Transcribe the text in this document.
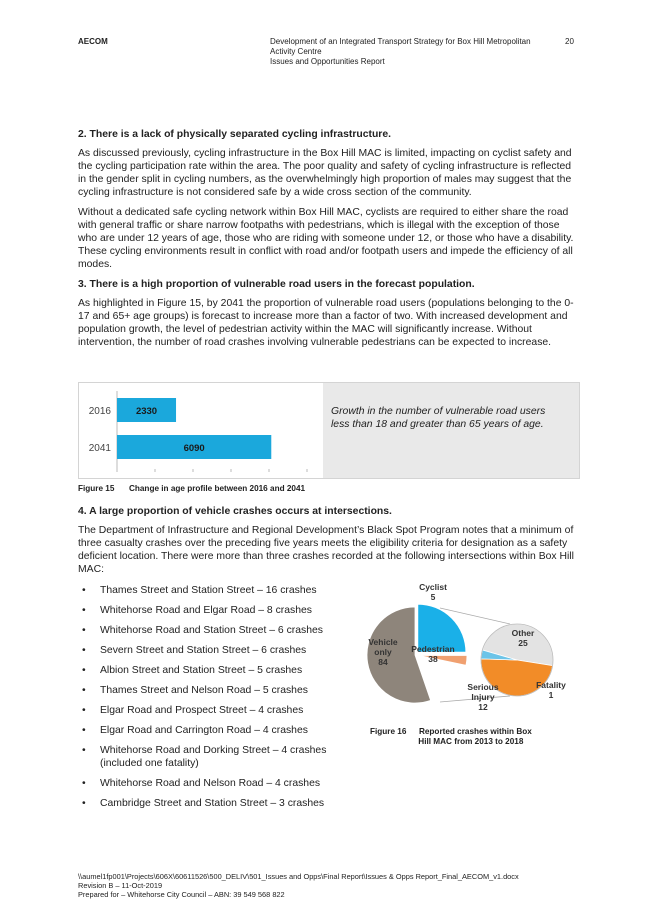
AECOM	Development of an Integrated Transport Strategy for Box Hill Metropolitan
Activity Centre
Issues and Opportunities Report
20
2. There is a lack of physically separated cycling infrastructure.

As discussed previously, cycling infrastructure in the Box Hill MAC is limited, impacting on cyclist safety and the cycling participation rate within the area. The poor quality and safety of cycling infrastructure is reflected in the gender split in cycling numbers, as the overwhelmingly high proportion of males may suggest that the cycling infrastructure is not considered safe by a wide cross section of the community.

Without a dedicated safe cycling network within Box Hill MAC, cyclists are required to either share the road with general traffic or share narrow footpaths with pedestrians, which is illegal with the exception of those who are under 12 years of age, those who are riding with someone under 12, or those who have a disability. These cycling environments result in conflict with road and/or footpath users and impede the efficiency of all modes.

3. There is a high proportion of vulnerable road users in the forecast population.

As highlighted in Figure 15, by 2041 the proportion of vulnerable road users (populations belonging to the 0-17 and 65+ age groups) is forecast to increase more than a factor of two. With increased development and population growth, the level of pedestrian activity within the MAC will significantly increase. Without intervention, the number of road crashes involving vulnerable pedestrians can be expected to increase.

2016	2330
2041	6090
Growth in the number of vulnerable road users less than 18 and greater than 65 years of age.
Figure 15 Change in age profile between 2016 and 2041
4. A large proportion of vehicle crashes occurs at intersections.

The Department of Infrastructure and Regional Development’s Black Spot Program notes that a minimum of three casualty crashes over the preceding five years meets the eligibility criteria for designation as a safety deficient location. There were more than three crashes recorded at the following intersections within Box Hill MAC:

• Thames Street and Station Street – 16 crashes
• Whitehorse Road and Elgar Road – 8 crashes
• Whitehorse Road and Station Street – 6 crashes
• Severn Street and Station Street – 6 crashes
• Albion Street and Station Street – 5 crashes
• Thames Street and Nelson Road – 5 crashes
• Elgar Road and Prospect Street – 4 crashes
• Elgar Road and Carrington Road – 4 crashes
• Whitehorse Road and Dorking Street – 4 crashes (included one fatality)
• Whitehorse Road and Nelson Road – 4 crashes
• Cambridge Street and Station Street – 3 crashes
Vehicle only 84
Pedestrian 38
Cyclist 5
Other 25
Serious Injury 12
Fatality 1
Figure 16 Reported crashes within Box
Hill MAC from 2013 to 2018
\\aumel1fp001\Projects\606X\60611526\500_DELIV\501_Issues and Opps\Final Report\Issues & Opps Report_Final_AECOM_v1.docx
Revision B – 11-Oct-2019
Prepared for – Whitehorse City Council – ABN: 39 549 568 822
